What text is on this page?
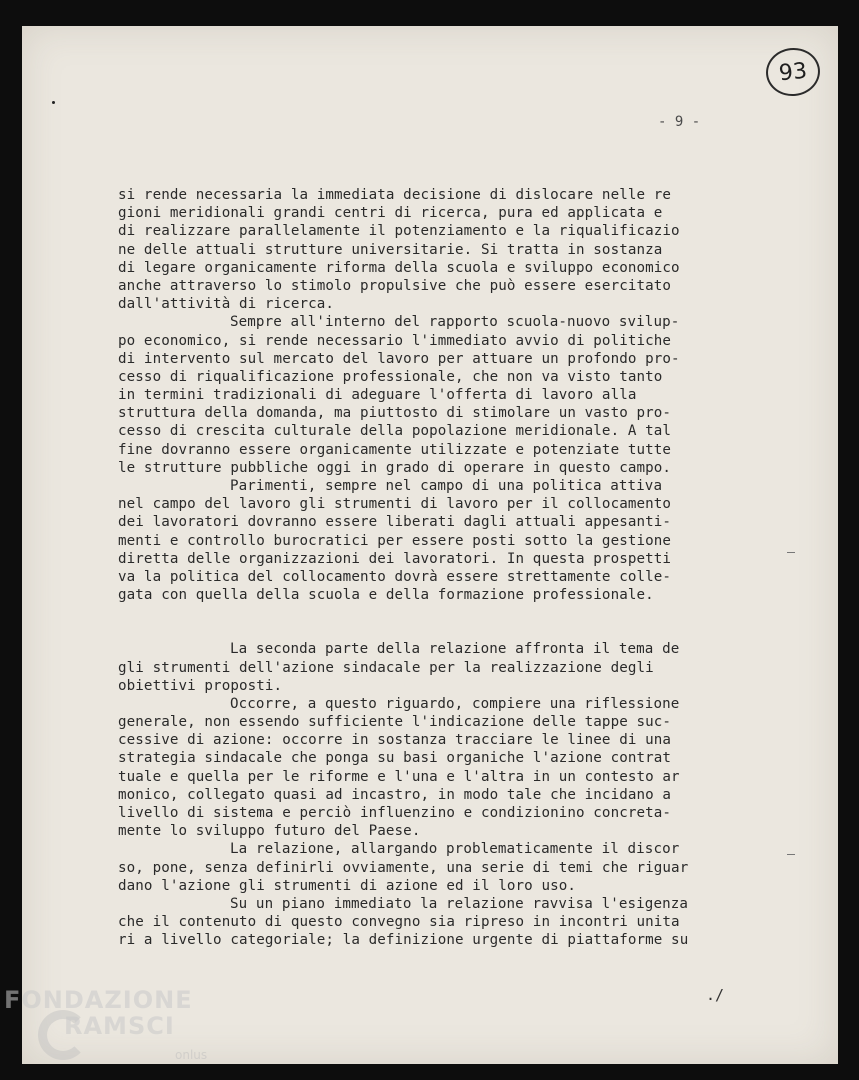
93
- 9 -
si rende necessaria la immediata decisione di dislocare nelle re
gioni meridionali grandi centri di ricerca, pura ed applicata e
di realizzare parallelamente il potenziamento e la riqualificazio
ne delle attuali strutture universitarie. Si tratta in sostanza
di legare organicamente riforma della scuola e sviluppo economico
anche attraverso lo stimolo propulsive che può essere esercitato
dall'attività di ricerca.
Sempre all'interno del rapporto scuola-nuovo svilup-
po economico, si rende necessario l'immediato avvio di politiche
di intervento sul mercato del lavoro per attuare un profondo pro-
cesso di riqualificazione professionale, che non va visto tanto
in termini tradizionali di adeguare l'offerta di lavoro alla
struttura della domanda, ma piuttosto di stimolare un vasto pro-
cesso di crescita culturale della popolazione meridionale. A tal
fine dovranno essere organicamente utilizzate e potenziate tutte
le strutture pubbliche oggi in grado di operare in questo campo.
Parimenti, sempre nel campo di una politica attiva
nel campo del lavoro gli strumenti di lavoro per il collocamento
dei lavoratori dovranno essere liberati dagli attuali appesanti-
menti e controllo burocratici per essere posti sotto la gestione
diretta delle organizzazioni dei lavoratori. In questa prospetti
va la politica del collocamento dovrà essere strettamente colle-
gata con quella della scuola e della formazione professionale.
La seconda parte della relazione affronta il tema de
gli strumenti dell'azione sindacale per la realizzazione degli
obiettivi proposti.
Occorre, a questo riguardo, compiere una riflessione
generale, non essendo sufficiente l'indicazione delle tappe suc-
cessive di azione: occorre in sostanza tracciare le linee di una
strategia sindacale che ponga su basi organiche l'azione contrat
tuale e quella per le riforme e l'una e l'altra in un contesto ar
monico, collegato quasi ad incastro, in modo tale che incidano a
livello di sistema e perciò influenzino e condizionino concreta-
mente lo sviluppo futuro del Paese.
La relazione, allargando problematicamente il discor
so, pone, senza definirli ovviamente, una serie di temi che riguar
dano l'azione gli strumenti di azione ed il loro uso.
Su un piano immediato la relazione ravvisa l'esigenza
che il contenuto di questo convegno sia ripreso in incontri unita
ri a livello categoriale; la definizione urgente di piattaforme su
./
FONDAZIONE
RAMSCI
onlus
